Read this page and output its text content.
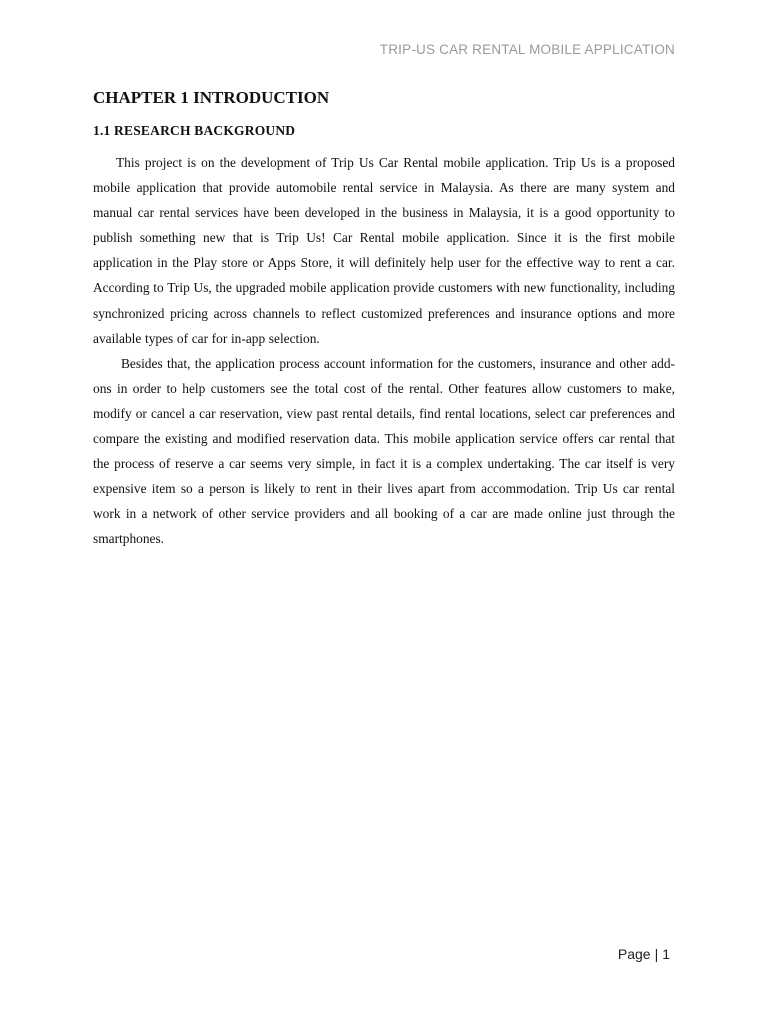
TRIP-US CAR RENTAL MOBILE APPLICATION
CHAPTER 1 INTRODUCTION
1.1 RESEARCH BACKGROUND

This project is on the development of Trip Us Car Rental mobile application. Trip Us is a proposed mobile application that provide automobile rental service in Malaysia. As there are many system and manual car rental services have been developed in the business in Malaysia, it is a good opportunity to publish something new that is Trip Us! Car Rental mobile application. Since it is the first mobile application in the Play store or Apps Store, it will definitely help user for the effective way to rent a car. According to Trip Us, the upgraded mobile application provide customers with new functionality, including synchronized pricing across channels to reflect customized preferences and insurance options and more available types of car for in-app selection.

Besides that, the application process account information for the customers, insurance and other add-ons in order to help customers see the total cost of the rental. Other features allow customers to make, modify or cancel a car reservation, view past rental details, find rental locations, select car preferences and compare the existing and modified reservation data. This mobile application service offers car rental that the process of reserve a car seems very simple, in fact it is a complex undertaking. The car itself is very expensive item so a person is likely to rent in their lives apart from accommodation. Trip Us car rental work in a network of other service providers and all booking of a car are made online just through the smartphones.

Page | 1
